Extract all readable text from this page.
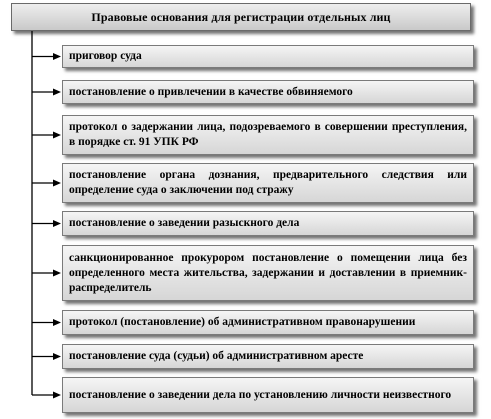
Правовые основания для регистрации отдельных лиц
приговор суда
постановление о привлечении в качестве обвиняемого
протокол о задержании лица, подозреваемого в совершении преступления, в порядке ст. 91 УПК РФ
постановление органа дознания, предварительного следствия или определение суда о заключении под стражу
постановление о заведении разыскного дела
санкционированное прокурором постановление о помещении лица без определенного места жительства, задержании и доставлении в приемник-распределитель
протокол (постановление) об административном правонарушении
постановление суда (судьи) об административном аресте
постановление о заведении дела по установлению личности неизвестного
